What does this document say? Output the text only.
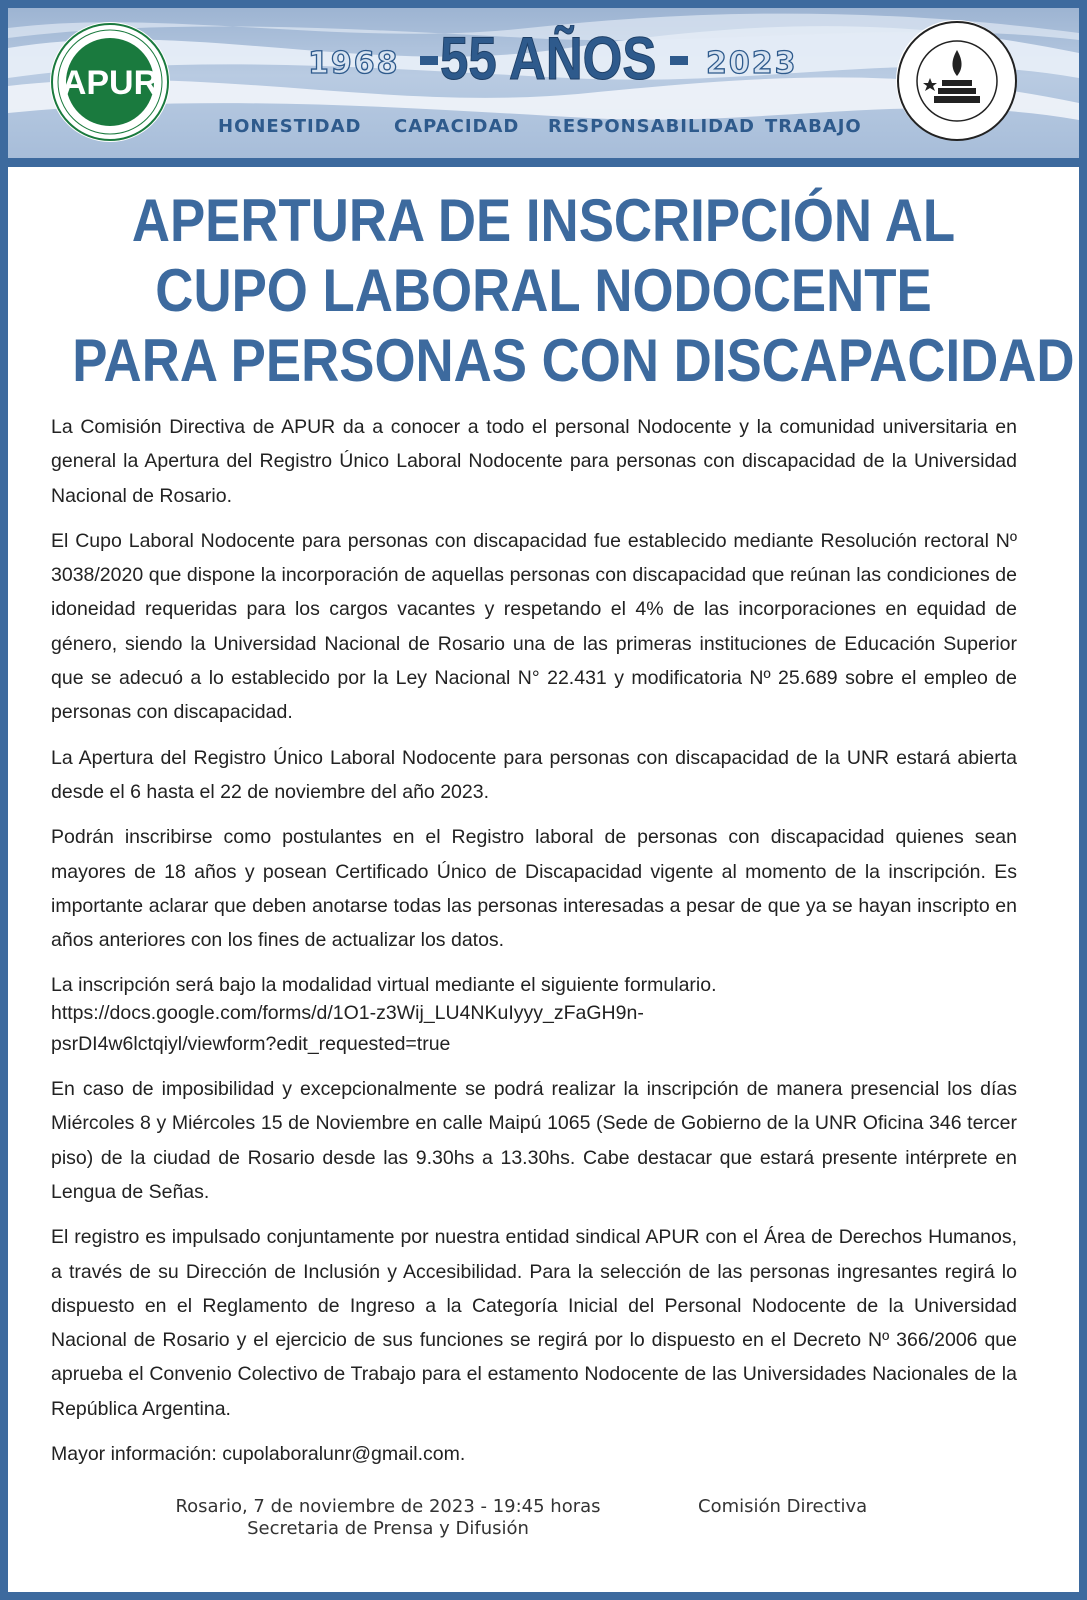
APUR
1968 55 AÑOS 2023
HONESTIDAD CAPACIDAD RESPONSABILIDAD TRABAJO
APERTURA DE INSCRIPCIÓN AL
CUPO LABORAL NODOCENTE
PARA PERSONAS CON DISCAPACIDAD

La Comisión Directiva de APUR da a conocer a todo el personal Nodocente y la comunidad universitaria en general la Apertura del Registro Único Laboral Nodocente para personas con discapacidad de la Universidad Nacional de Rosario.

El Cupo Laboral Nodocente para personas con discapacidad fue establecido mediante Resolución rectoral Nº 3038/2020 que dispone la incorporación de aquellas personas con discapacidad que reúnan las condiciones de idoneidad requeridas para los cargos vacantes y respetando el 4% de las incorporaciones en equidad de género, siendo la Universidad Nacional de Rosario una de las primeras instituciones de Educación Superior que se adecuó a lo establecido por la Ley Nacional N° 22.431 y modificatoria Nº 25.689 sobre el empleo de personas con discapacidad.

La Apertura del Registro Único Laboral Nodocente para personas con discapacidad de la UNR estará abierta desde el 6 hasta el 22 de noviembre del año 2023.

Podrán inscribirse como postulantes en el Registro laboral de personas con discapacidad quienes sean mayores de 18 años y posean Certificado Único de Discapacidad vigente al momento de la inscripción. Es importante aclarar que deben anotarse todas las personas interesadas a pesar de que ya se hayan inscripto en años anteriores con los fines de actualizar los datos.

La inscripción será bajo la modalidad virtual mediante el siguiente formulario.
https://docs.google.com/forms/d/1O1-z3Wij_LU4NKuIyyy_zFaGH9n-
psrDI4w6lctqiyl/viewform?edit_requested=true

En caso de imposibilidad y excepcionalmente se podrá realizar la inscripción de manera presencial los días Miércoles 8 y Miércoles 15 de Noviembre en calle Maipú 1065 (Sede de Gobierno de la UNR Oficina 346 tercer piso) de la ciudad de Rosario desde las 9.30hs a 13.30hs. Cabe destacar que estará presente intérprete en Lengua de Señas.

El registro es impulsado conjuntamente por nuestra entidad sindical APUR con el Área de Derechos Humanos, a través de su Dirección de Inclusión y Accesibilidad. Para la selección de las personas ingresantes regirá lo dispuesto en el Reglamento de Ingreso a la Categoría Inicial del Personal Nodocente de la Universidad Nacional de Rosario y el ejercicio de sus funciones se regirá por lo dispuesto en el Decreto Nº 366/2006 que aprueba el Convenio Colectivo de Trabajo para el estamento Nodocente de las Universidades Nacionales de la República Argentina.

Mayor información: cupolaboralunr@gmail.com.

Rosario, 7 de noviembre de 2023 - 19:45 horas
Secretaria de Prensa y Difusión
Comisión Directiva
